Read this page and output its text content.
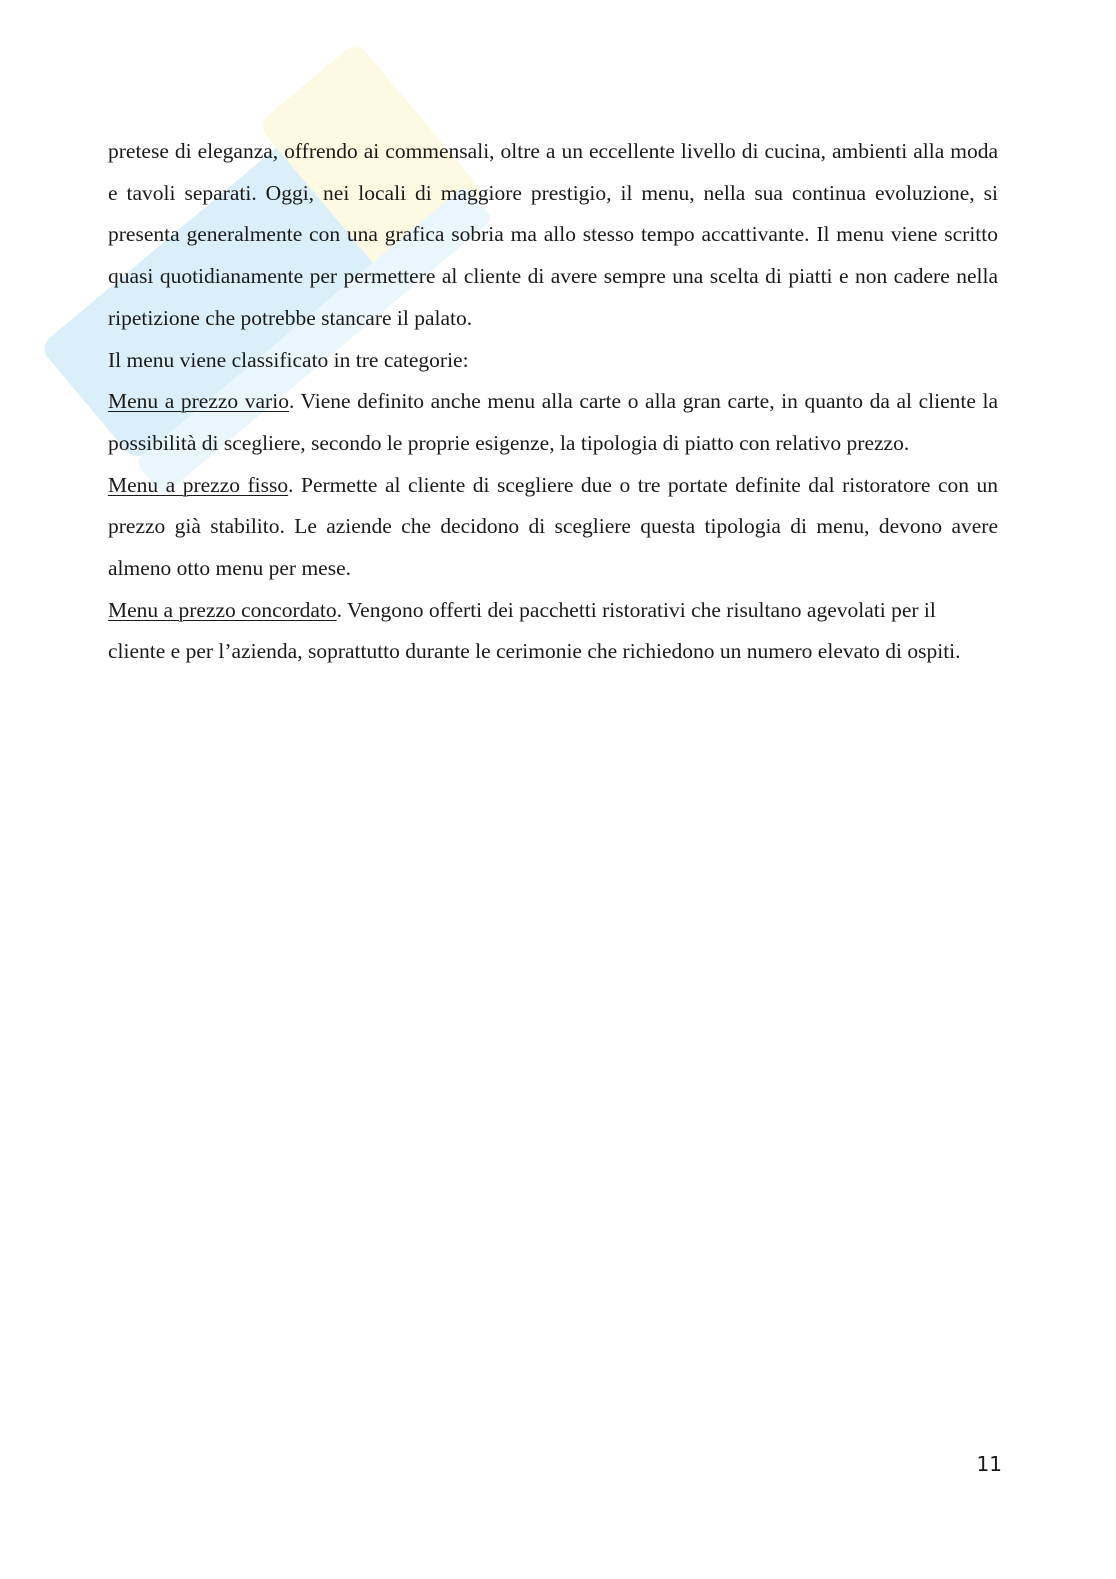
pretese di eleganza, offrendo ai commensali, oltre a un eccellente livello di cucina, ambienti alla moda e tavoli separati. Oggi, nei locali di maggiore prestigio, il menu, nella sua continua evoluzione, si presenta generalmente con una grafica sobria ma allo stesso tempo accattivante. Il menu viene scritto quasi quotidianamente per permettere al cliente di avere sempre una scelta di piatti e non cadere nella ripetizione che potrebbe stancare il palato.

Il menu viene classificato in tre categorie:

Menu a prezzo vario. Viene definito anche menu alla carte o alla gran carte, in quanto da al cliente la possibilità di scegliere, secondo le proprie esigenze, la tipologia di piatto con relativo prezzo.

Menu a prezzo fisso. Permette al cliente di scegliere due o tre portate definite dal ristoratore con un prezzo già stabilito. Le aziende che decidono di scegliere questa tipologia di menu, devono avere almeno otto menu per mese.

Menu a prezzo concordato. Vengono offerti dei pacchetti ristorativi che risultano agevolati per il cliente e per l’azienda, soprattutto durante le cerimonie che richiedono un numero elevato di ospiti.

11
